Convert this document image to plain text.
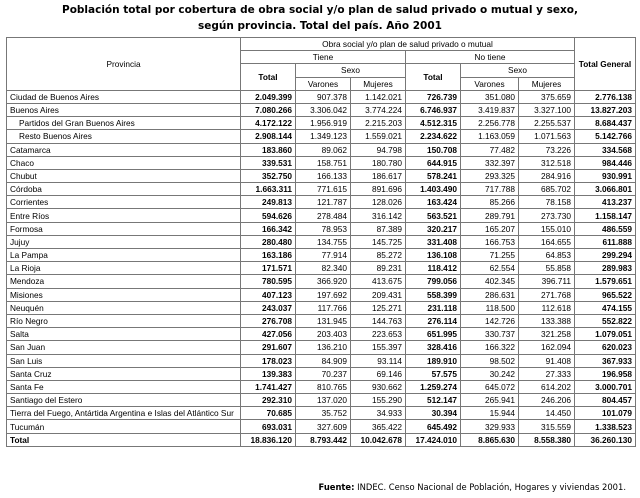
Población total por cobertura de obra social y/o plan de salud privado o mutual y sexo,
según provincia. Total del país. Año 2001
Provincia	Obra social y/o plan de salud privado o mutual						Total General
	Tiene			No tiene			
	Total	Sexo		Total	Sexo		
		Varones	Mujeres		Varones	Mujeres	
Ciudad de Buenos Aires	2.049.399	907.378	1.142.021	726.739	351.080	375.659	2.776.138
Buenos Aires	7.080.266	3.306.042	3.774.224	6.746.937	3.419.837	3.327.100	13.827.203
Partidos del Gran Buenos Aires	4.172.122	1.956.919	2.215.203	4.512.315	2.256.778	2.255.537	8.684.437
Resto Buenos Aires	2.908.144	1.349.123	1.559.021	2.234.622	1.163.059	1.071.563	5.142.766
Catamarca	183.860	89.062	94.798	150.708	77.482	73.226	334.568
Chaco	339.531	158.751	180.780	644.915	332.397	312.518	984.446
Chubut	352.750	166.133	186.617	578.241	293.325	284.916	930.991
Córdoba	1.663.311	771.615	891.696	1.403.490	717.788	685.702	3.066.801
Corrientes	249.813	121.787	128.026	163.424	85.266	78.158	413.237
Entre Ríos	594.626	278.484	316.142	563.521	289.791	273.730	1.158.147
Formosa	166.342	78.953	87.389	320.217	165.207	155.010	486.559
Jujuy	280.480	134.755	145.725	331.408	166.753	164.655	611.888
La Pampa	163.186	77.914	85.272	136.108	71.255	64.853	299.294
La Rioja	171.571	82.340	89.231	118.412	62.554	55.858	289.983
Mendoza	780.595	366.920	413.675	799.056	402.345	396.711	1.579.651
Misiones	407.123	197.692	209.431	558.399	286.631	271.768	965.522
Neuquén	243.037	117.766	125.271	231.118	118.500	112.618	474.155
Río Negro	276.708	131.945	144.763	276.114	142.726	133.388	552.822
Salta	427.056	203.403	223.653	651.995	330.737	321.258	1.079.051
San Juan	291.607	136.210	155.397	328.416	166.322	162.094	620.023
San Luis	178.023	84.909	93.114	189.910	98.502	91.408	367.933
Santa Cruz	139.383	70.237	69.146	57.575	30.242	27.333	196.958
Santa Fe	1.741.427	810.765	930.662	1.259.274	645.072	614.202	3.000.701
Santiago del Estero	292.310	137.020	155.290	512.147	265.941	246.206	804.457
Tierra del Fuego, Antártida Argentina e Islas del Atlántico Sur	70.685	35.752	34.933	30.394	15.944	14.450	101.079
Tucumán	693.031	327.609	365.422	645.492	329.933	315.559	1.338.523
Total	18.836.120	8.793.442	10.042.678	17.424.010	8.865.630	8.558.380	36.260.130
Fuente: INDEC. Censo Nacional de Población, Hogares y viviendas 2001.
